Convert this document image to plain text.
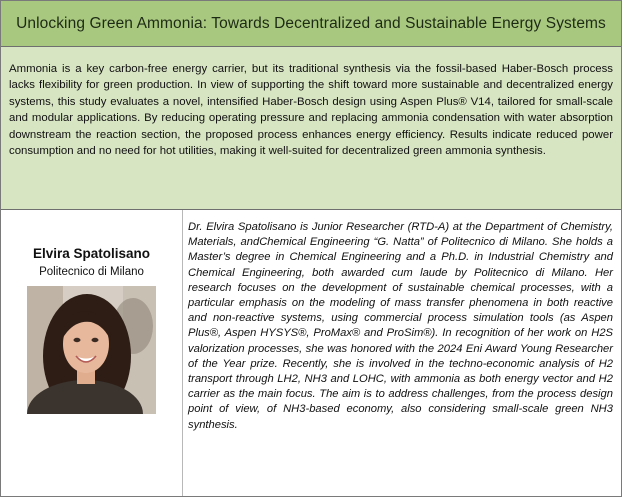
Unlocking Green Ammonia: Towards Decentralized and Sustainable Energy Systems
Ammonia is a key carbon-free energy carrier, but its traditional synthesis via the fossil-based Haber-Bosch process lacks flexibility for green production. In view of supporting the shift toward more sustainable and decentralized energy systems, this study evaluates a novel, intensified Haber-Bosch design using Aspen Plus® V14, tailored for small-scale and modular applications. By reducing operating pressure and replacing ammonia condensation with water absorption downstream the reaction section, the proposed process enhances energy efficiency. Results indicate reduced power consumption and no need for hot utilities, making it well-suited for decentralized green ammonia synthesis.
Elvira Spatolisano
Politecnico di Milano
Dr. Elvira Spatolisano is Junior Researcher (RTD-A) at the Department of Chemistry, Materials, andChemical Engineering “G. Natta” of Politecnico di Milano. She holds a Master’s degree in Chemical Engineering and a Ph.D. in Industrial Chemistry and Chemical Engineering, both awarded cum laude by Politecnico di Milano. Her research focuses on the development of sustainable chemical processes, with a particular emphasis on the modeling of mass transfer phenomena in both reactive and non-reactive systems, using commercial process simulation tools (as Aspen Plus®, Aspen HYSYS®, ProMax® and ProSim®). In recognition of her work on H2S valorization processes, she was honored with the 2024 Eni Award Young Researcher of the Year prize. Recently, she is involved in the techno-economic analysis of H2 transport through LH2, NH3 and LOHC, with ammonia as both energy vector and H2 carrier as the main focus. The aim is to address challenges, from the process design point of view, of NH3-based economy, also considering small-scale green NH3 synthesis.
